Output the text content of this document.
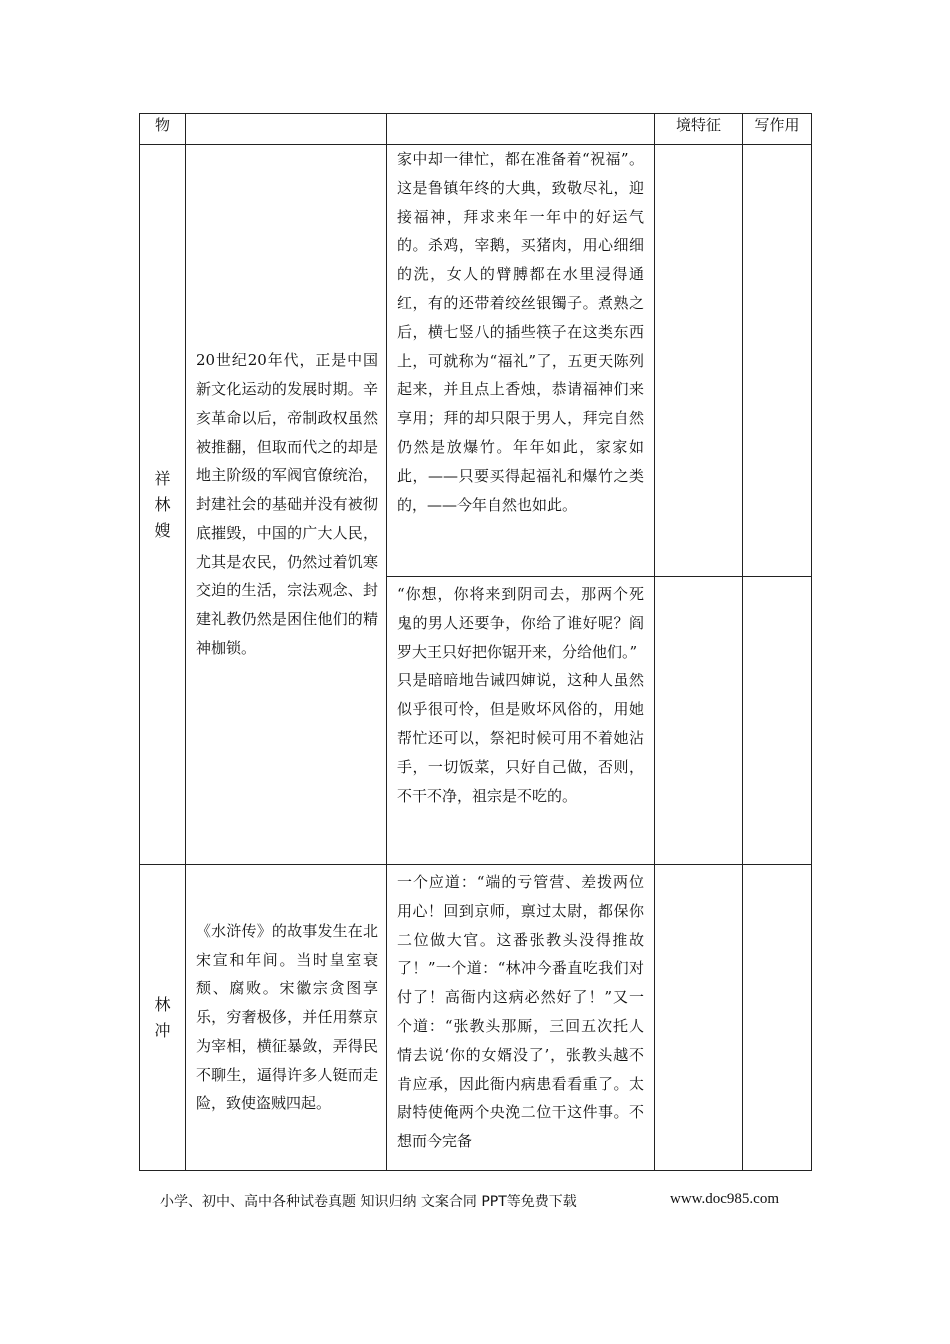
物			境特征	写作用
祥林嫂	20世纪20年代，正是中国新文化运动的发展时期。辛亥革命以后，帝制政权虽然被推翻，但取而代之的却是地主阶级的军阀官僚统治，封建社会的基础并没有被彻底摧毁，中国的广大人民，尤其是农民，仍然过着饥寒交迫的生活，宗法观念、封建礼教仍然是困住他们的精神枷锁。	家中却一律忙，都在准备着“祝福”。这是鲁镇年终的大典，致敬尽礼，迎接福神，拜求来年一年中的好运气的。杀鸡，宰鹅，买猪肉，用心细细的洗，女人的臂膊都在水里浸得通红，有的还带着绞丝银镯子。煮熟之后，横七竖八的插些筷子在这类东西上，可就称为“福礼”了，五更天陈列起来，并且点上香烛，恭请福神们来享用；拜的却只限于男人，拜完自然仍然是放爆竹。年年如此，家家如此，——只要买得起福礼和爆竹之类的，——今年自然也如此。		

		“你想，你将来到阴司去，那两个死鬼的男人还要争，你给了谁好呢？阎罗大王只好把你锯开来，分给他们。”
只是暗暗地告诫四婶说，这种人虽然似乎很可怜，但是败坏风俗的，用她帮忙还可以，祭祀时候可用不着她沾手，一切饭菜，只好自己做，否则，不干不净，祖宗是不吃的。		

林冲	《水浒传》的故事发生在北宋宣和年间。当时皇室衰颓、腐败。宋徽宗贪图享乐，穷奢极侈，并任用蔡京为宰相，横征暴敛，弄得民不聊生，逼得许多人铤而走险，致使盗贼四起。	一个应道：“端的亏管营、差拨两位用心！回到京师，禀过太尉，都保你二位做大官。这番张教头没得推故了！”一个道：“林冲今番直吃我们对付了！高衙内这病必然好了！”又一个道：“张教头那厮，三回五次托人情去说‘你的女婿没了’，张教头越不肯应承，因此衙内病患看看重了。太尉特使俺两个央浼二位干这件事。不想而今完备		

小学、初中、高中各种试卷真题 知识归纳 文案合同 PPT等免费下载	www.doc985.com
